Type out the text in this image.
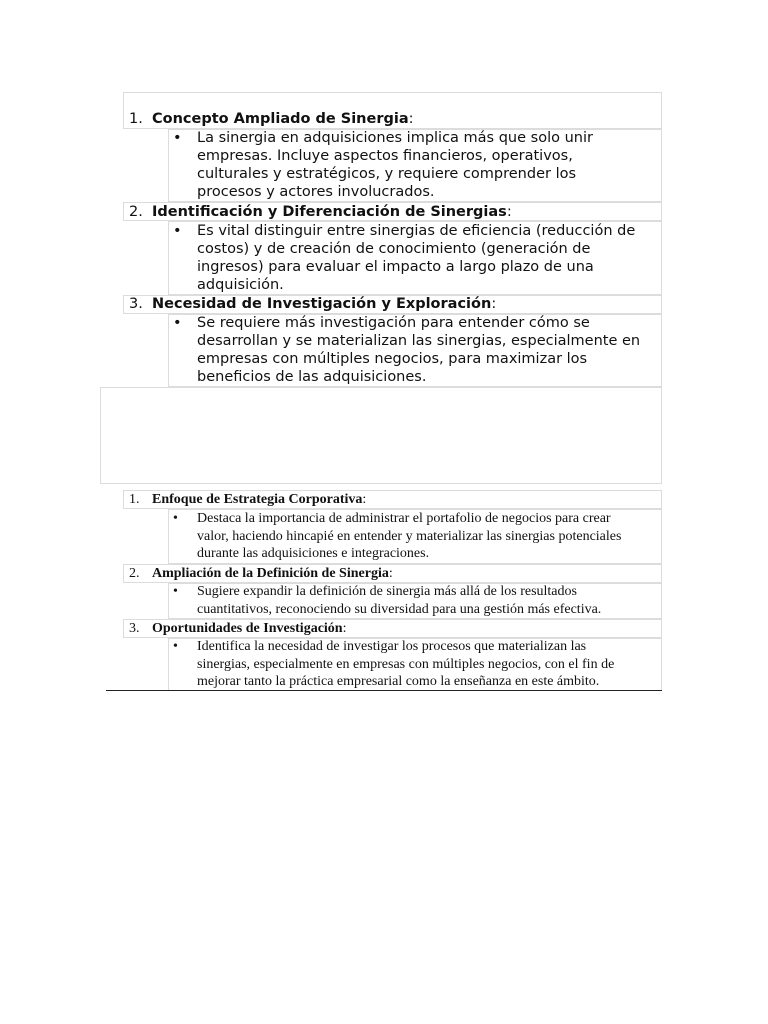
1. Concepto Ampliado de Sinergia:
• La sinergia en adquisiciones implica más que solo unir
empresas. Incluye aspectos financieros, operativos,
culturales y estratégicos, y requiere comprender los
procesos y actores involucrados.
2. Identificación y Diferenciación de Sinergias:
• Es vital distinguir entre sinergias de eficiencia (reducción de
costos) y de creación de conocimiento (generación de
ingresos) para evaluar el impacto a largo plazo de una
adquisición.
3. Necesidad de Investigación y Exploración:
• Se requiere más investigación para entender cómo se
desarrollan y se materializan las sinergias, especialmente en
empresas con múltiples negocios, para maximizar los
beneficios de las adquisiciones.
1. Enfoque de Estrategia Corporativa:
• Destaca la importancia de administrar el portafolio de negocios para crear
valor, haciendo hincapié en entender y materializar las sinergias potenciales
durante las adquisiciones e integraciones.
2. Ampliación de la Definición de Sinergia:
• Sugiere expandir la definición de sinergia más allá de los resultados
cuantitativos, reconociendo su diversidad para una gestión más efectiva.
3. Oportunidades de Investigación:
• Identifica la necesidad de investigar los procesos que materializan las
sinergias, especialmente en empresas con múltiples negocios, con el fin de
mejorar tanto la práctica empresarial como la enseñanza en este ámbito.
